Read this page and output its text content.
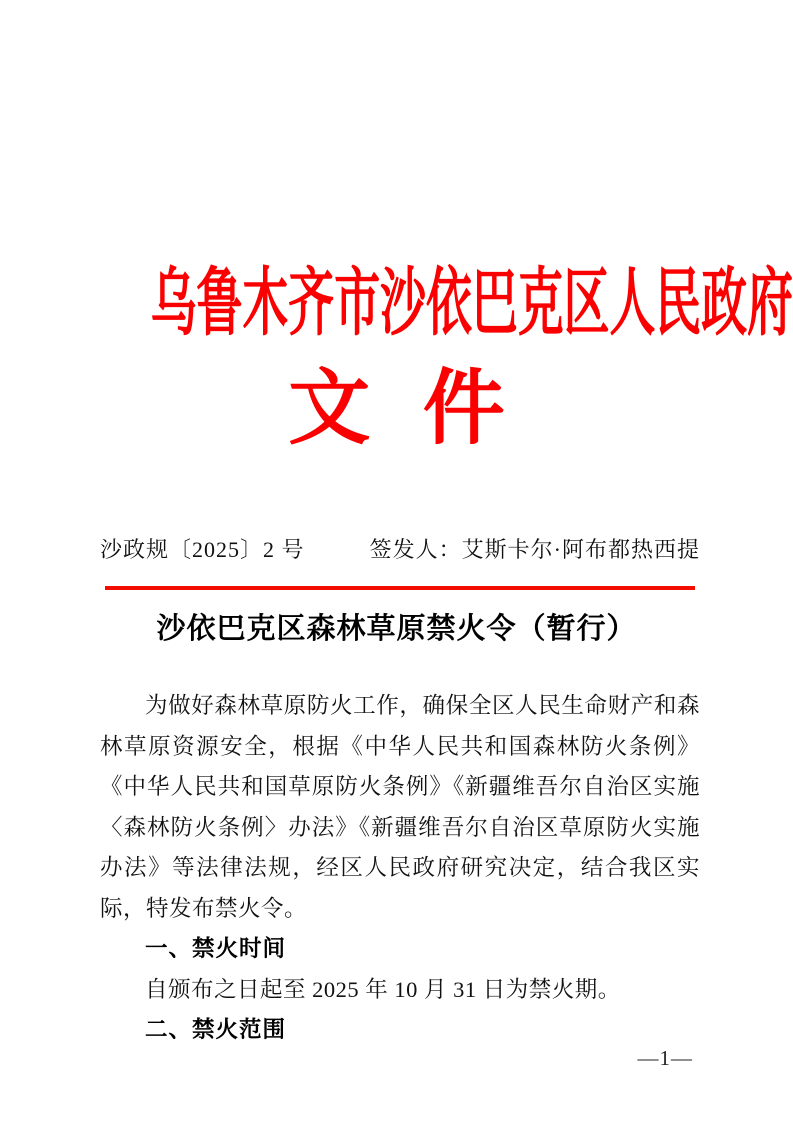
乌鲁木齐市沙依巴克区人民政府
文 件
沙政规〔2025〕2 号	签发人：艾斯卡尔·阿布都热西提
沙依巴克区森林草原禁火令（暂行）

为做好森林草原防火工作，确保全区人民生命财产和森林草原资源安全，根据《中华人民共和国森林防火条例》《中华人民共和国草原防火条例》《新疆维吾尔自治区实施〈森林防火条例〉办法》《新疆维吾尔自治区草原防火实施办法》等法律法规，经区人民政府研究决定，结合我区实际，特发布禁火令。

一、禁火时间

自颁布之日起至 2025 年 10 月 31 日为禁火期。

二、禁火范围

—1—
